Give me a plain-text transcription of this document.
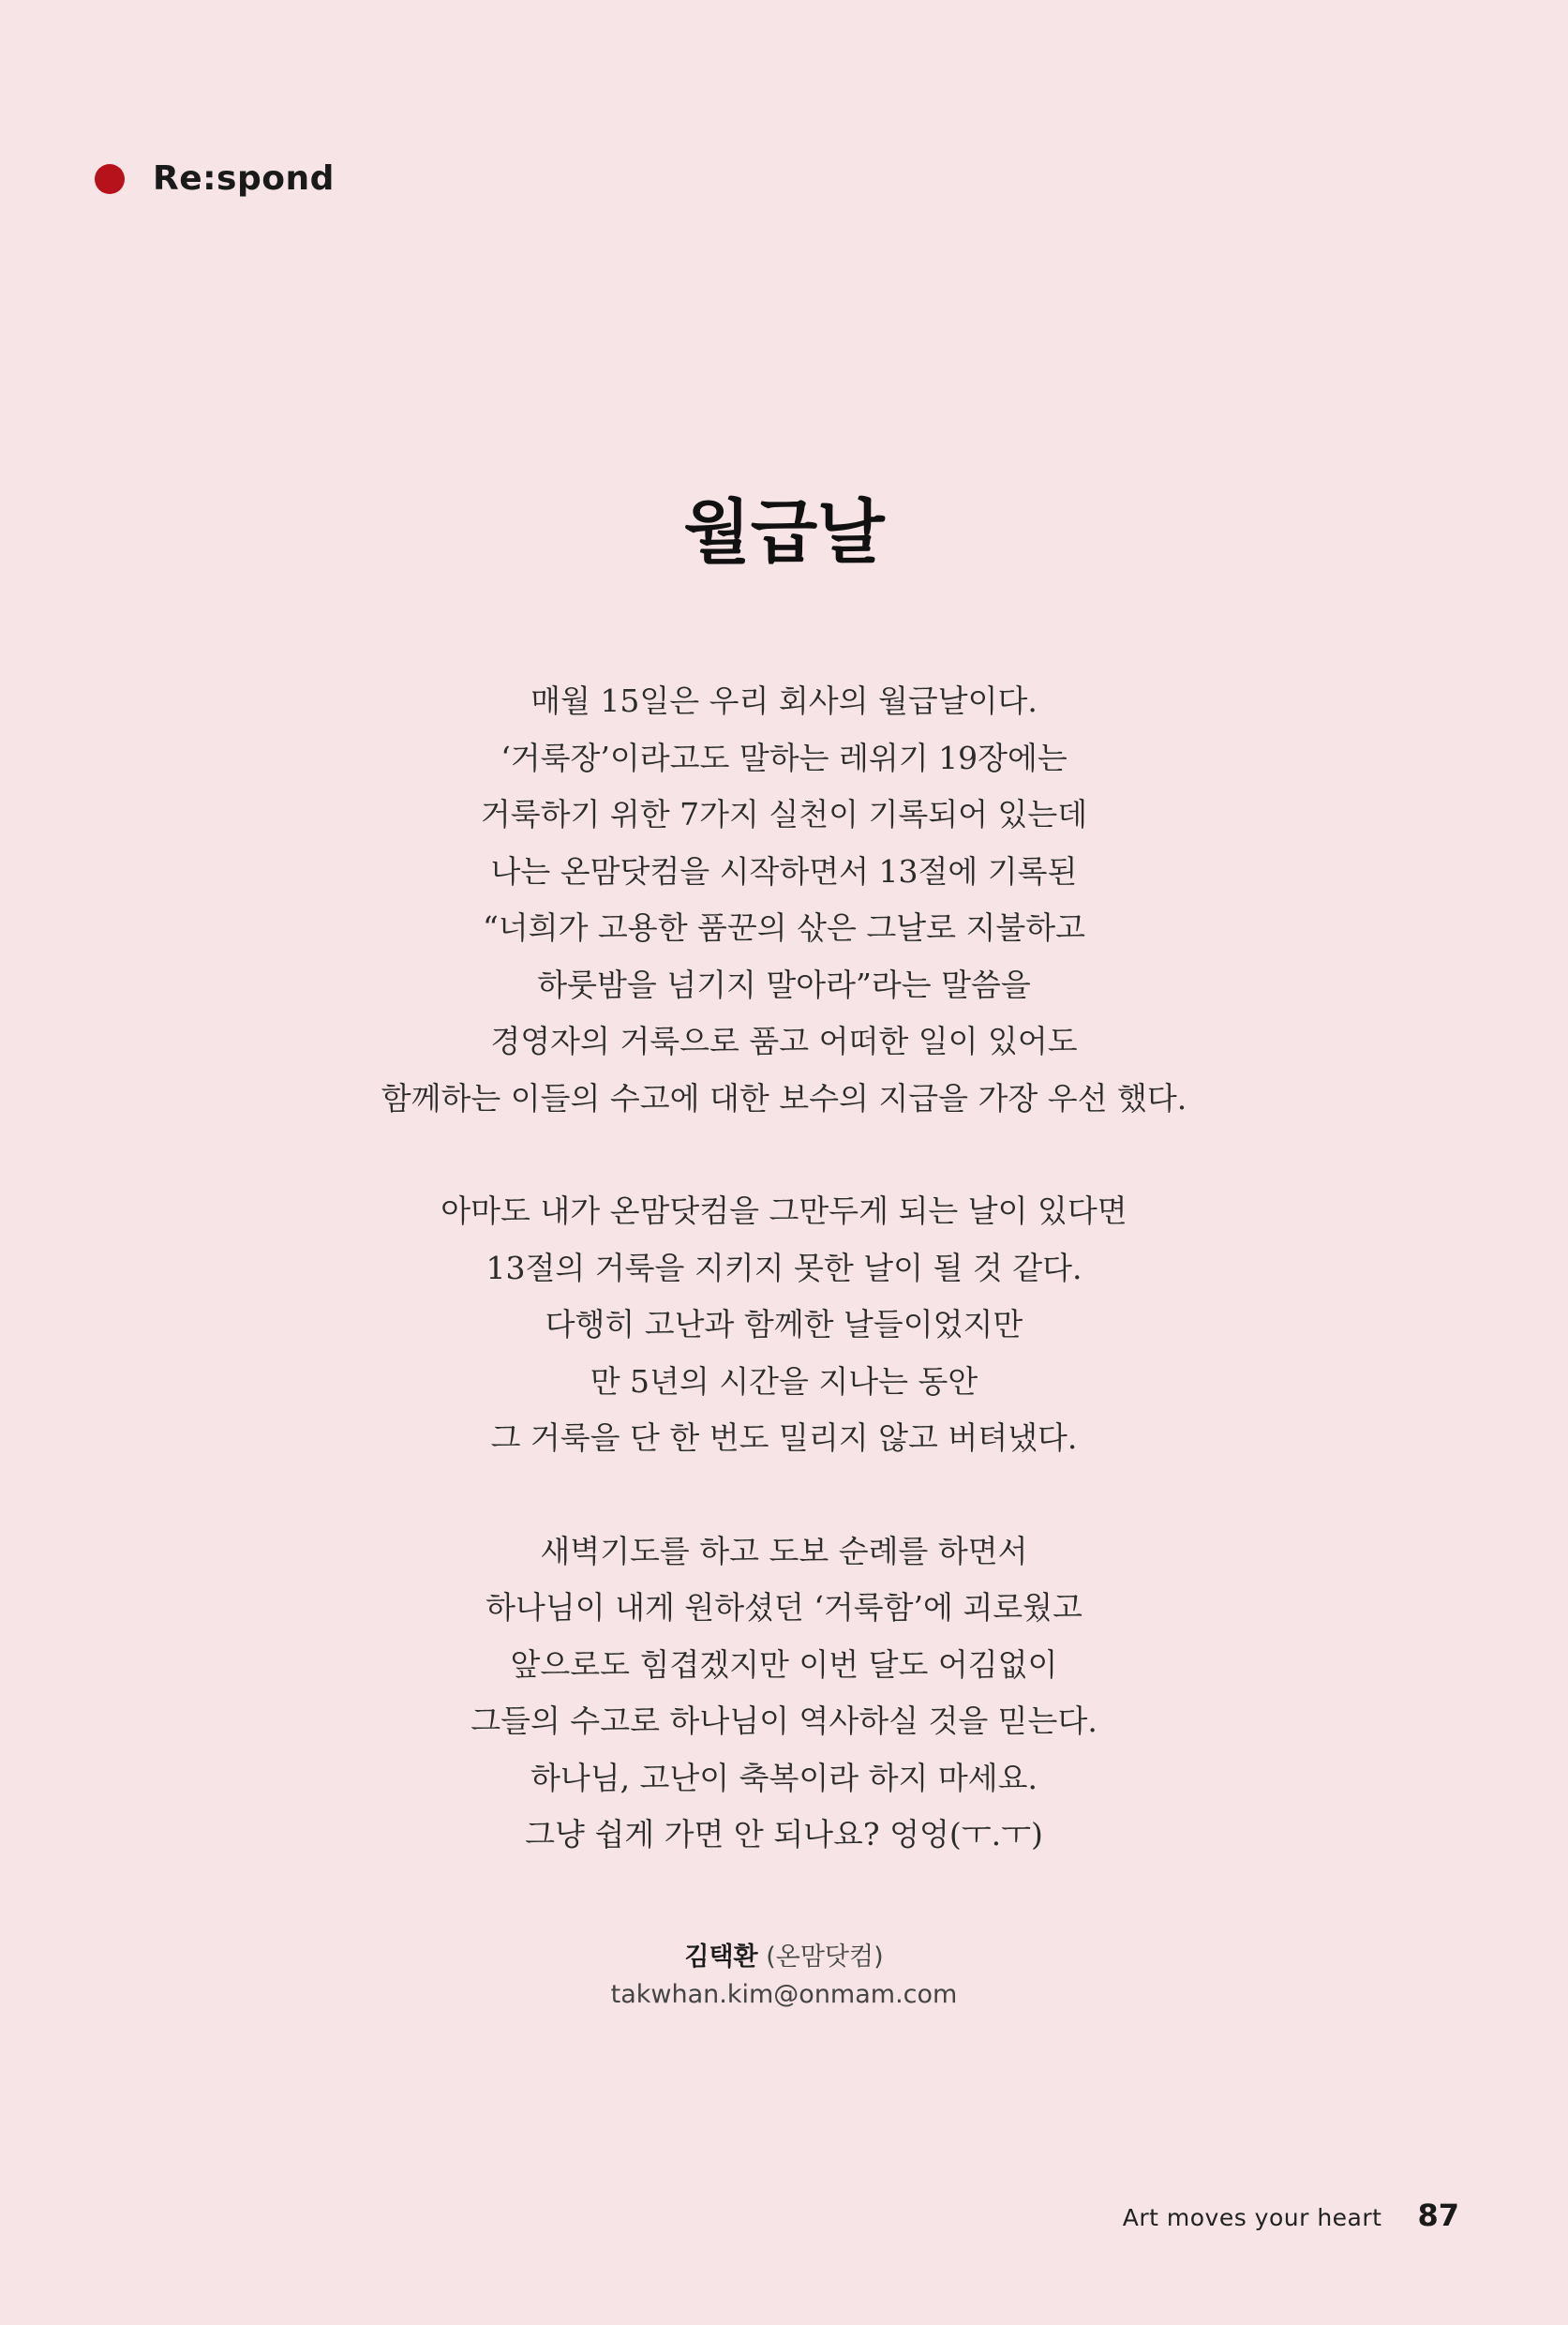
Re:spond
월급날
매월 15일은 우리 회사의 월급날이다.
‘거룩장’이라고도 말하는 레위기 19장에는
거룩하기 위한 7가지 실천이 기록되어 있는데
나는 온맘닷컴을 시작하면서 13절에 기록된
“너희가 고용한 품꾼의 삯은 그날로 지불하고
하룻밤을 넘기지 말아라”라는 말씀을
경영자의 거룩으로 품고 어떠한 일이 있어도
함께하는 이들의 수고에 대한 보수의 지급을 가장 우선 했다.
아마도 내가 온맘닷컴을 그만두게 되는 날이 있다면
13절의 거룩을 지키지 못한 날이 될 것 같다.
다행히 고난과 함께한 날들이었지만
만 5년의 시간을 지나는 동안
그 거룩을 단 한 번도 밀리지 않고 버텨냈다.
새벽기도를 하고 도보 순례를 하면서
하나님이 내게 원하셨던 ‘거룩함’에 괴로웠고
앞으로도 힘겹겠지만 이번 달도 어김없이
그들의 수고로 하나님이 역사하실 것을 믿는다.
하나님, 고난이 축복이라 하지 마세요.
그냥 쉽게 가면 안 되나요? 엉엉(ㅜ.ㅜ)
김택환 (온맘닷컴)
takwhan.kim@onmam.com
Art moves your heart 87
